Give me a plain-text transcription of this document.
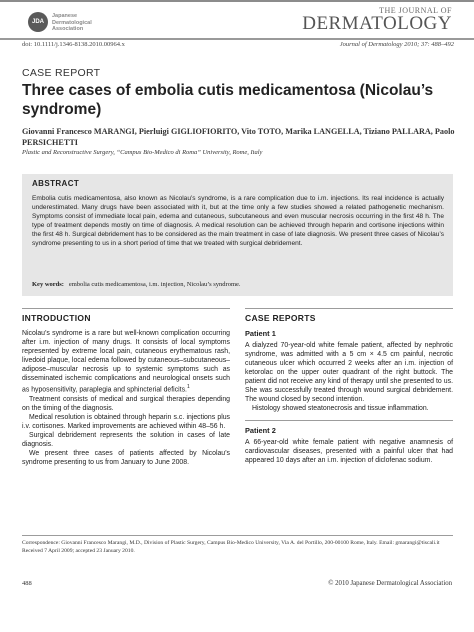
JDA
Japanese
Dermatological
Association
THE JOURNAL OF
DERMATOLOGY
doi: 10.1111/j.1346-8138.2010.00964.x	Journal of Dermatology 2010; 37: 488–492
CASE REPORT
Three cases of embolia cutis medicamentosa (Nicolau’s syndrome)
Giovanni Francesco MARANGI, Pierluigi GIGLIOFIORITO, Vito TOTO, Marika LANGELLA, Tiziano PALLARA, Paolo PERSICHETTI
Plastic and Reconstructive Surgery, “Campus Bio-Medico di Roma” University, Rome, Italy
ABSTRACT
Embolia cutis medicamentosa, also known as Nicolau’s syndrome, is a rare complication due to i.m. injections. Its real incidence is actually underestimated. Many drugs have been associated with it, but at the time only a few studies showed a related pathogenetic mechanism. Symptoms consist of immediate local pain, edema and cutaneous, subcutaneous and even muscular necrosis occurring in the first 48 h. The type of treatment depends mostly on time of diagnosis. A medical resolution can be achieved through heparin and cortisone injections within the first 48 h. Surgical debridement has to be considered as the main treatment in case of late diagnosis. We present three cases of Nicolau’s syndrome presenting to us in a short period of time that we treated with surgical debridement.
Key words: embolia cutis medicamentosa, i.m. injection, Nicolau’s syndrome.
INTRODUCTION
Nicolau’s syndrome is a rare but well-known complication occurring after i.m. injection of many drugs. It consists of local symptoms represented by extreme local pain, cutaneous erythematous rash, livedoid plaque, local edema followed by cutaneous–subcutaneous–adipose–muscular necrosis up to systemic symptoms such as disseminated ischemic complications and neurological onsets such as hyposensitivity, paraplegia and sphincterial deficits.$^1$
Treatment consists of medical and surgical therapies depending on the timing of the diagnosis.
Medical resolution is obtained through heparin s.c. injections plus i.v. cortisones. Marked improvements are achieved within 48–56 h.
Surgical debridement represents the solution in cases of late diagnosis.
We present three cases of patients affected by Nicolau’s syndrome presenting to us from January to June 2008.
CASE REPORTS
Patient 1
A dialyzed 70-year-old white female patient, affected by nephrotic syndrome, was admitted with a 5 cm × 4.5 cm painful, necrotic cutaneous ulcer which occurred 2 weeks after an i.m. injection of ketorolac on the upper outer quadrant of the right buttock. The patient did not receive any kind of therapy until she presented to us. She was successfully treated through wound surgical debridement. The wound closed by second intention.
Histology showed steatonecrosis and tissue inflammation.
Patient 2
A 66-year-old white female patient with negative anamnesis of cardiovascular diseases, presented with a painful ulcer that had appeared 10 days after an i.m. injection of diclofenac sodium.
Correspondence: Giovanni Francesco Marangi, M.D., Division of Plastic Surgery, Campus Bio-Medico University, Via A. del Portillo, 200-00100 Rome, Italy. Email: gmarangi@tiscali.it
Received 7 April 2009; accepted 23 January 2010.
488	© 2010 Japanese Dermatological Association
